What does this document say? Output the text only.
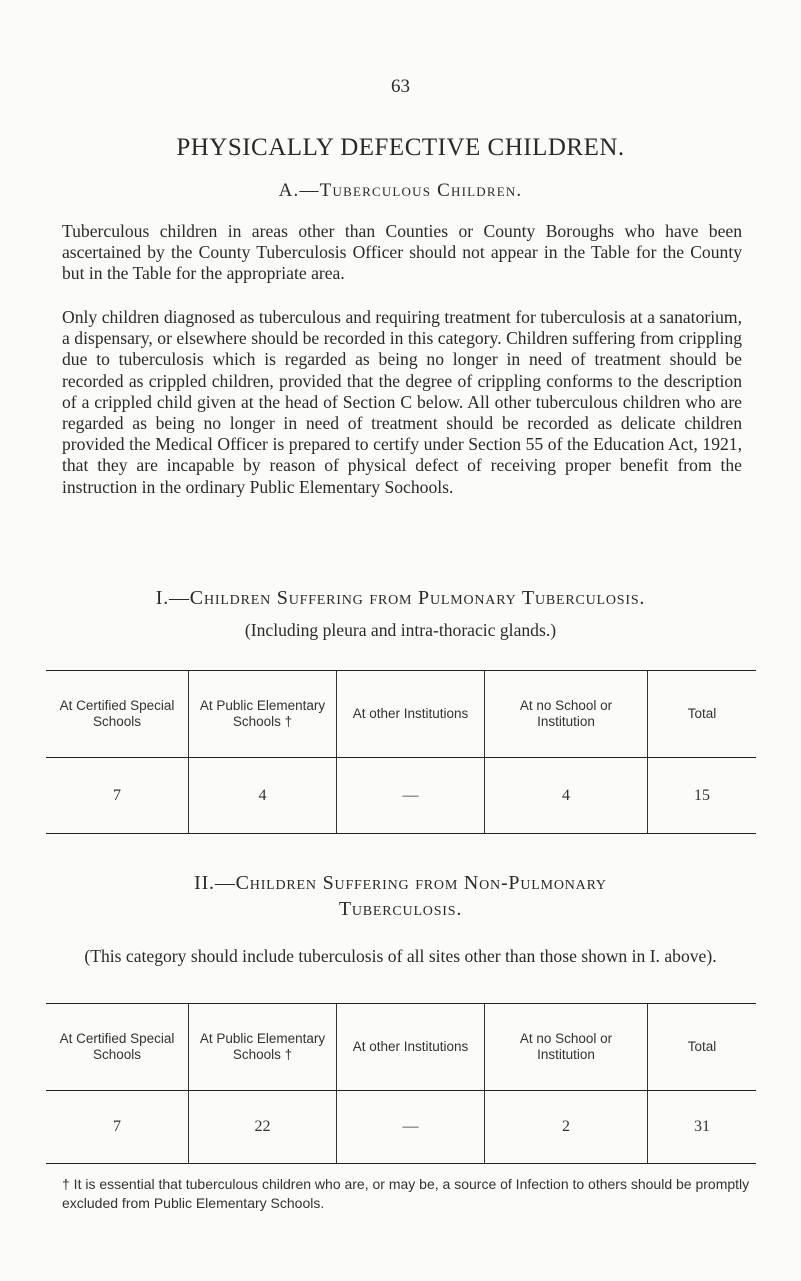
63
PHYSICALLY DEFECTIVE CHILDREN.
A.—Tuberculous Children.

Tuberculous children in areas other than Counties or County Boroughs who have been ascertained by the County Tuberculosis Officer should not appear in the Table for the County but in the Table for the appropriate area.

Only children diagnosed as tuberculous and requiring treatment for tuberculosis at a sanatorium, a dispensary, or elsewhere should be recorded in this category. Children suffering from crippling due to tuberculosis which is regarded as being no longer in need of treatment should be recorded as crippled children, provided that the degree of crippling conforms to the description of a crippled child given at the head of Section C below. All other tuberculous children who are regarded as being no longer in need of treatment should be recorded as delicate children provided the Medical Officer is prepared to certify under Section 55 of the Education Act, 1921, that they are incapable by reason of physical defect of receiving proper benefit from the instruction in the ordinary Public Elementary Sochools.

I.—Children Suffering from Pulmonary Tuberculosis.
(Including pleura and intra-thoracic glands.)
At Certified Special Schools	At Public Elementary Schools †	At other Institutions	At no School or Institution	Total
7	4	—	4	15
II.—Children Suffering from Non-Pulmonary
Tuberculosis.
(This category should include tuberculosis of all sites other than those shown in I. above).
At Certified Special Schools	At Public Elementary Schools †	At other Institutions	At no School or Institution	Total
7	22	—	2	31
† It is essential that tuberculous children who are, or may be, a source of Infection to others should be promptly excluded from Public Elementary Schools.
